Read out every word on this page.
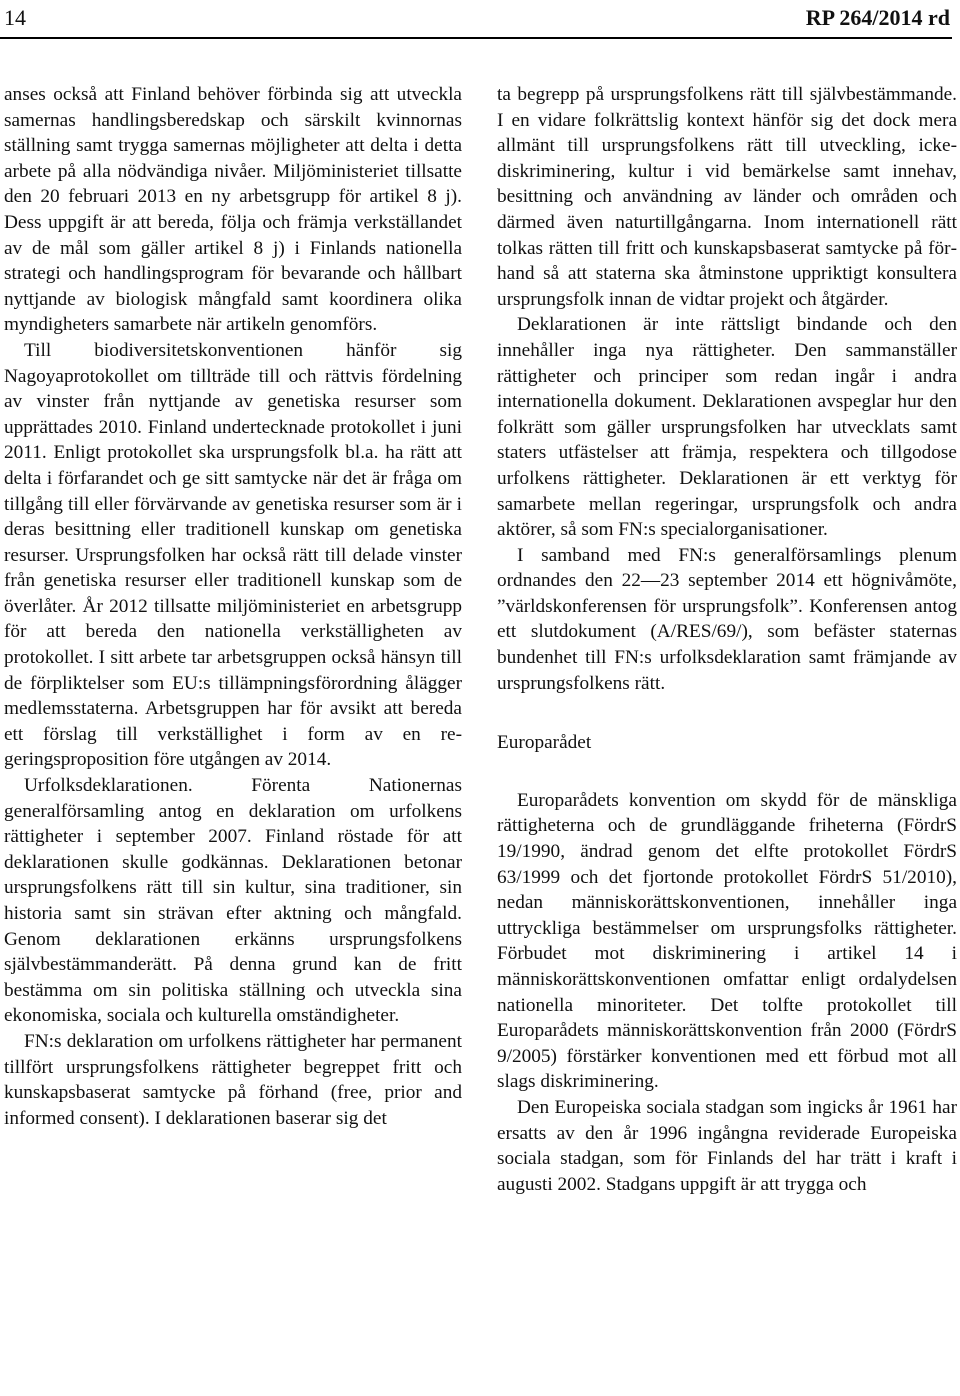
14	RP 264/2014 rd

anses också att Finland behöver förbinda sig att utveckla samernas handlingsberedskap och särskilt kvinnornas ställning samt trygga samernas möjligheter att delta i detta arbete på alla nödvändiga nivåer. Miljöministeriet tillsatte den 20 februari 2013 en ny arbetsgrupp för artikel 8 j). Dess uppgift är att bereda, följa och främja verkställandet av de mål som gäller artikel 8 j) i Finlands nationella strategi och handlingsprogram för bevarande och hållbart nyttjande av biologisk mångfald samt koordinera olika myndigheters samarbete när artikeln genomförs.

Till biodiversitetskonventionen hänför sig Nagoyaprotokollet om tillträde till och rättvis fördelning av vinster från nyttjande av genetiska resurser som upprättades 2010. Finland undertecknade protokollet i juni 2011. Enligt protokollet ska ursprungsfolk bl.a. ha rätt att delta i förfarandet och ge sitt samtycke när det är fråga om tillgång till eller förvärvande av genetiska resurser som är i deras besittning eller traditionell kunskap om genetiska resurser. Ursprungsfolken har också rätt till delade vinster från genetiska resurser eller traditionell kunskap som de överlåter. År 2012 tillsatte miljöministeriet en arbetsgrupp för att bereda den nationella verkställigheten av protokollet. I sitt arbete tar arbetsgruppen också hänsyn till de förpliktelser som EU:s tillämpningsförordning ålägger medlemsstaterna. Arbetsgruppen har för avsikt att bereda ett förslag till verkställighet i form av en regeringsproposition före utgången av 2014.

Urfolksdeklarationen. Förenta Nationernas generalförsamling antog en deklaration om urfolkens rättigheter i september 2007. Finland röstade för att deklarationen skulle godkännas. Deklarationen betonar ursprungsfolkens rätt till sin kultur, sina traditioner, sin historia samt sin strävan efter aktning och mångfald. Genom deklarationen erkänns ursprungsfolkens självbestämmanderätt. På denna grund kan de fritt bestämma om sin politiska ställning och utveckla sina ekonomiska, sociala och kulturella omständigheter.

FN:s deklaration om urfolkens rättigheter har permanent tillfört ursprungsfolkens rättigheter begreppet fritt och kunskapsbaserat samtycke på förhand (free, prior and informed consent). I deklarationen baserar sig det

ta begrepp på ursprungsfolkens rätt till självbestämmande. I en vidare folkrättslig kontext hänför sig det dock mera allmänt till ursprungsfolkens rätt till utveckling, ickediskriminering, kultur i vid bemärkelse samt innehav, besittning och användning av länder och områden och därmed även naturtillgångarna. Inom internationell rätt tolkas rätten till fritt och kunskapsbaserat samtycke på förhand så att staterna ska åtminstone uppriktigt konsultera ursprungsfolk innan de vidtar projekt och åtgärder.

Deklarationen är inte rättsligt bindande och den innehåller inga nya rättigheter. Den sammanställer rättigheter och principer som redan ingår i andra internationella dokument. Deklarationen avspeglar hur den folkrätt som gäller ursprungsfolken har utvecklats samt staters utfästelser att främja, respektera och tillgodose urfolkens rättigheter. Deklarationen är ett verktyg för samarbete mellan regeringar, ursprungsfolk och andra aktörer, så som FN:s specialorganisationer.

I samband med FN:s generalförsamlings plenum ordnandes den 22—23 september 2014 ett högnivåmöte, ”världskonferensen för ursprungsfolk”. Konferensen antog ett slutdokument (A/RES/69/), som befäster staternas bundenhet till FN:s urfolksdeklaration samt främjande av ursprungsfolkens rätt.

Europarådet

Europarådets konvention om skydd för de mänskliga rättigheterna och de grundläggande friheterna (FördrS 19/1990, ändrad genom det elfte protokollet FördrS 63/1999 och det fjortonde protokollet FördrS 51/2010), nedan människorättskonventionen, innehåller inga uttryckliga bestämmelser om ursprungsfolks rättigheter. Förbudet mot diskriminering i artikel 14 i människorättskonventionen omfattar enligt ordalydelsen nationella minoriteter. Det tolfte protokollet till Europarådets människorättskonvention från 2000 (FördrS 9/2005) förstärker konventionen med ett förbud mot all slags diskriminering.

Den Europeiska sociala stadgan som ingicks år 1961 har ersatts av den år 1996 ingångna reviderade Europeiska sociala stadgan, som för Finlands del har trätt i kraft i augusti 2002. Stadgans uppgift är att trygga och
